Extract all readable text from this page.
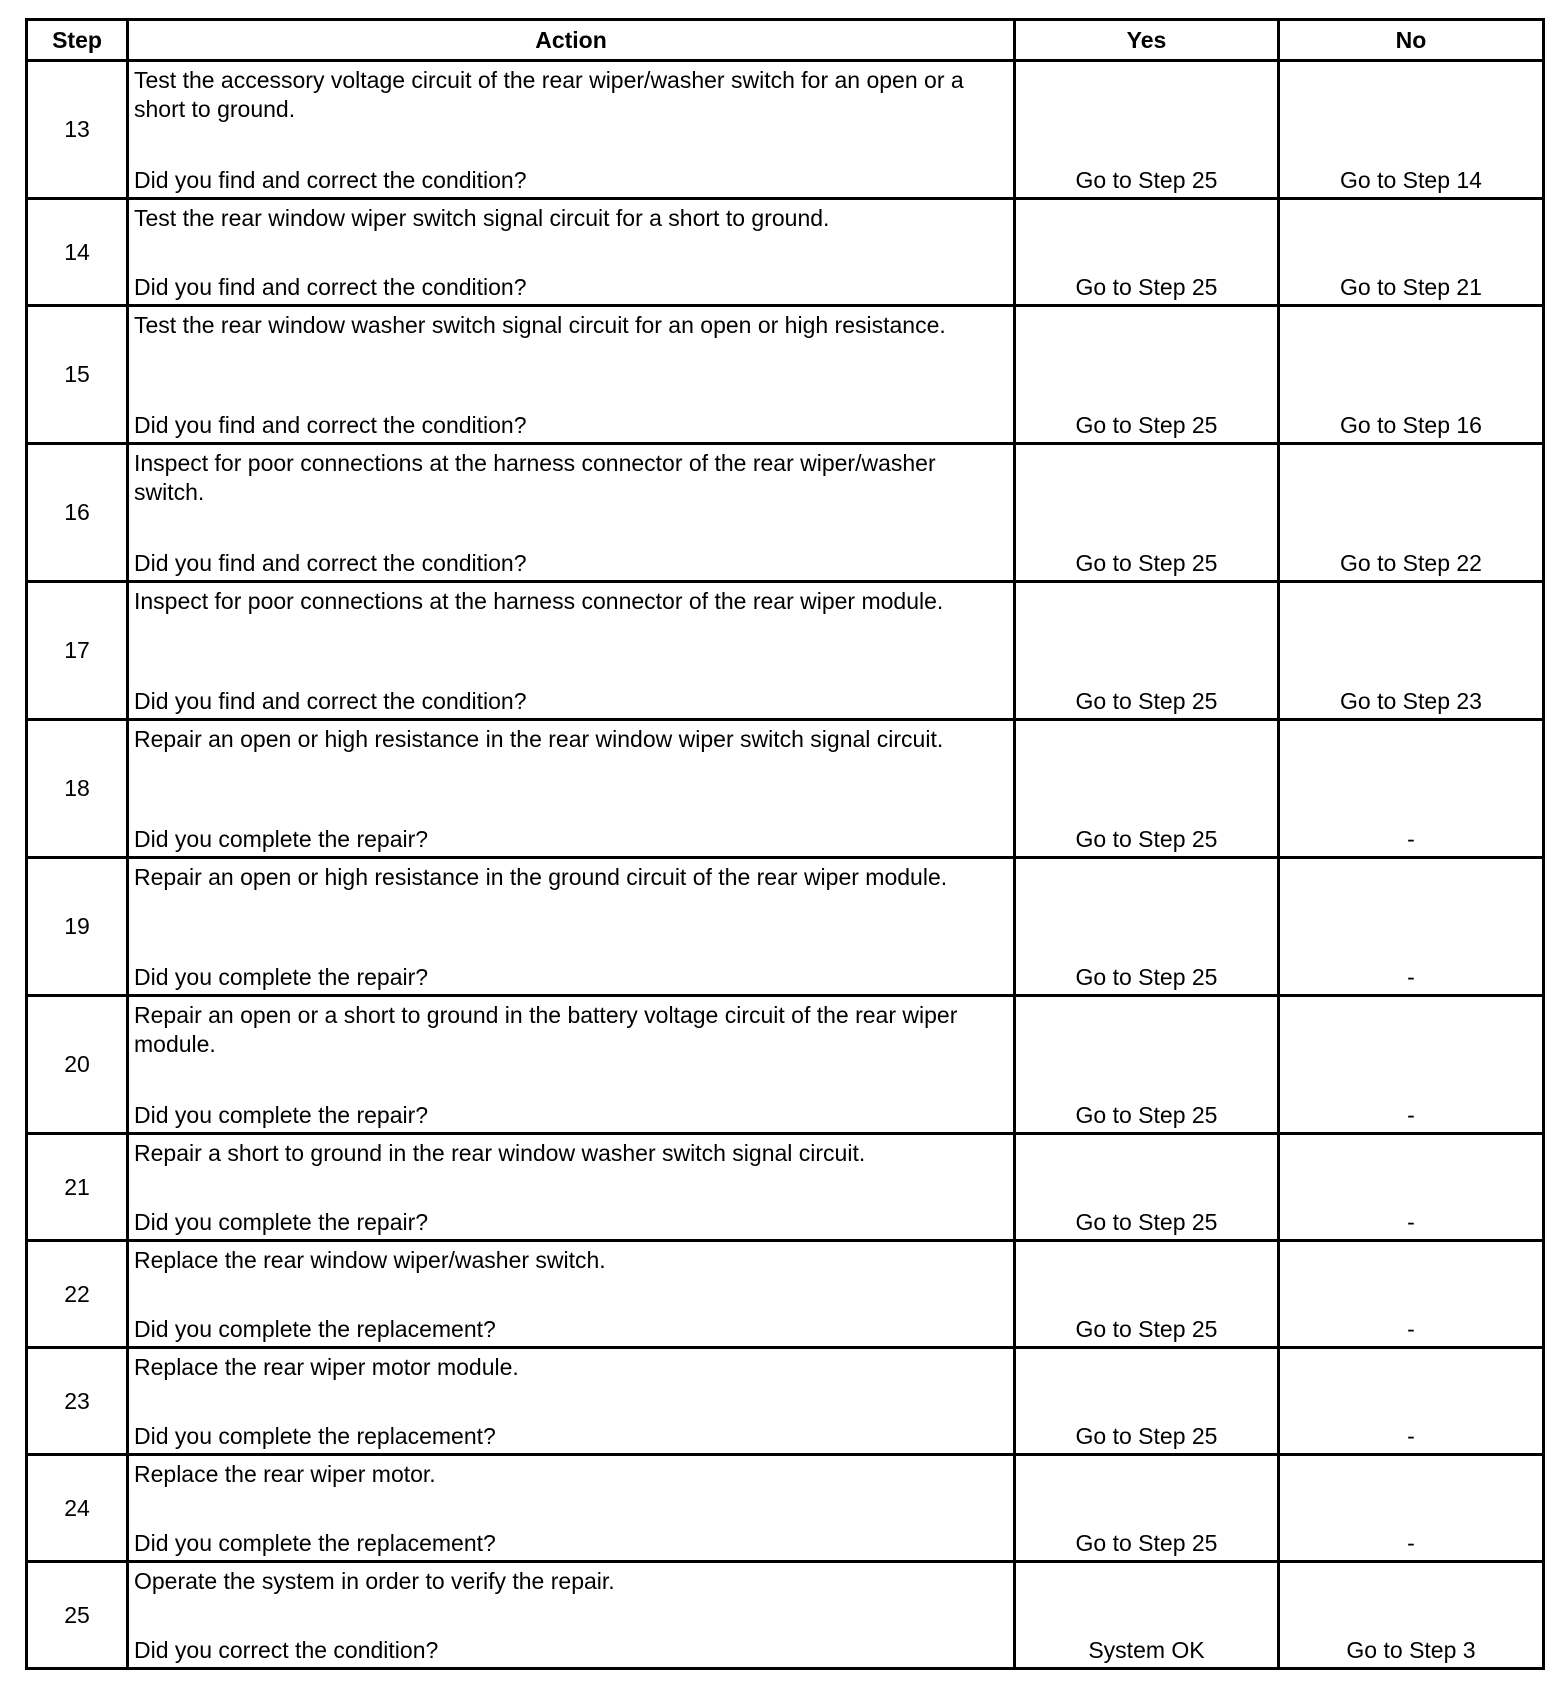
Step	Action	Yes	No
13	Test the accessory voltage circuit of the rear wiper/washer switch for an open or a short to ground.
Did you find and correct the condition?	Go to Step 25	Go to Step 14

14	Test the rear window wiper switch signal circuit for a short to ground.
Did you find and correct the condition?	Go to Step 25	Go to Step 21

15	Test the rear window washer switch signal circuit for an open or high resistance.
Did you find and correct the condition?	Go to Step 25	Go to Step 16

16	Inspect for poor connections at the harness connector of the rear wiper/washer switch.
Did you find and correct the condition?	Go to Step 25	Go to Step 22

17	Inspect for poor connections at the harness connector of the rear wiper module.
Did you find and correct the condition?	Go to Step 25	Go to Step 23

18	Repair an open or high resistance in the rear window wiper switch signal circuit.
Did you complete the repair?	Go to Step 25	-

19	Repair an open or high resistance in the ground circuit of the rear wiper module.
Did you complete the repair?	Go to Step 25	-

20	Repair an open or a short to ground in the battery voltage circuit of the rear wiper module.
Did you complete the repair?	Go to Step 25	-

21	Repair a short to ground in the rear window washer switch signal circuit.
Did you complete the repair?	Go to Step 25	-

22	Replace the rear window wiper/washer switch.
Did you complete the replacement?	Go to Step 25	-

23	Replace the rear wiper motor module.
Did you complete the replacement?	Go to Step 25	-

24	Replace the rear wiper motor.
Did you complete the replacement?	Go to Step 25	-

25	Operate the system in order to verify the repair.
Did you correct the condition?	System OK	Go to Step 3
